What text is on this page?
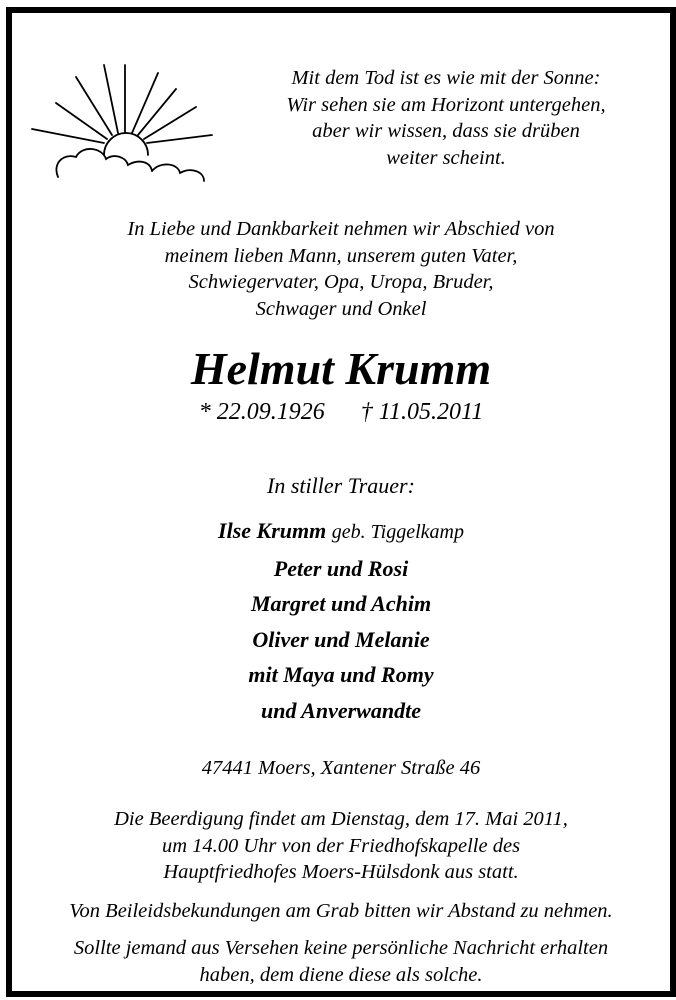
Mit dem Tod ist es wie mit der Sonne:
Wir sehen sie am Horizont untergehen,
aber wir wissen, dass sie drüben
weiter scheint.
In Liebe und Dankbarkeit nehmen wir Abschied von
meinem lieben Mann, unserem guten Vater,
Schwiegervater, Opa, Uropa, Bruder,
Schwager und Onkel
Helmut Krumm
* 22.09.1926 † 11.05.2011
In stiller Trauer:
Ilse Krumm geb. Tiggelkamp
Peter und Rosi
Margret und Achim
Oliver und Melanie
mit Maya und Romy
und Anverwandte
47441 Moers, Xantener Straße 46
Die Beerdigung findet am Dienstag, dem 17. Mai 2011,
um 14.00 Uhr von der Friedhofskapelle des
Hauptfriedhofes Moers-Hülsdonk aus statt.
Von Beileidsbekundungen am Grab bitten wir Abstand zu nehmen.
Sollte jemand aus Versehen keine persönliche Nachricht erhalten
haben, dem diene diese als solche.
